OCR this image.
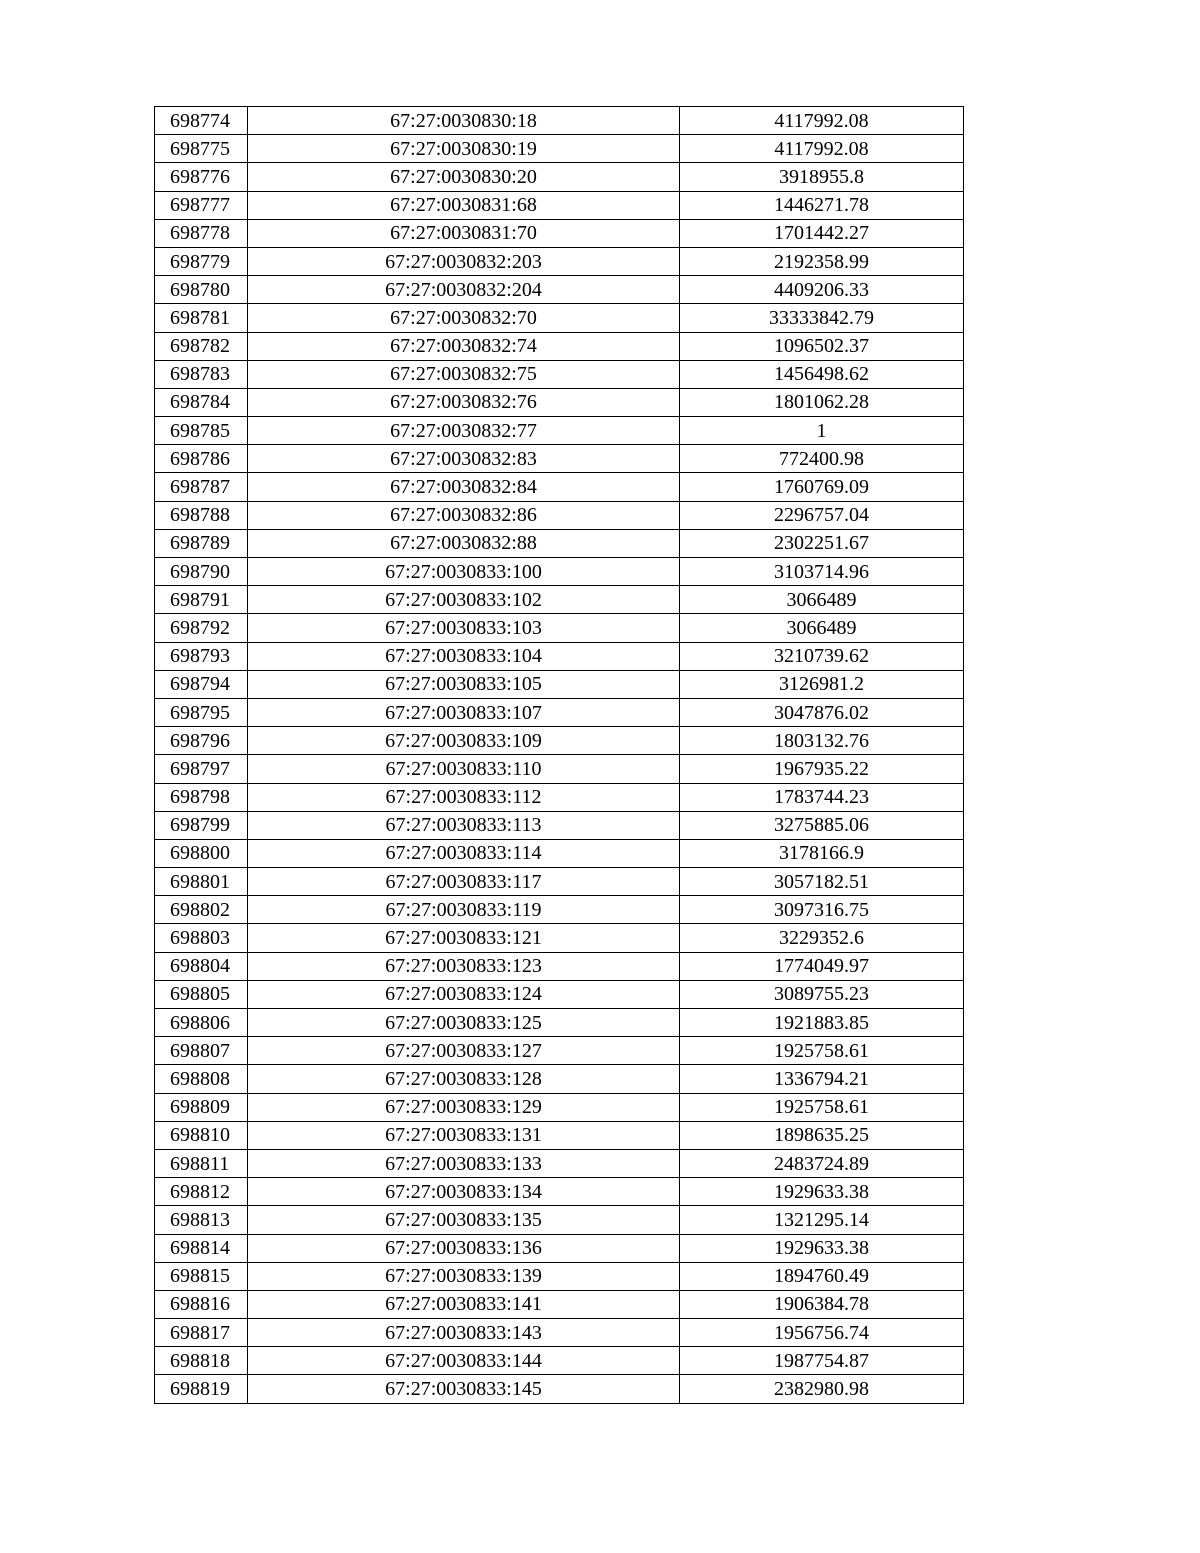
698774	67:27:0030830:18	4117992.08
698775	67:27:0030830:19	4117992.08
698776	67:27:0030830:20	3918955.8
698777	67:27:0030831:68	1446271.78
698778	67:27:0030831:70	1701442.27
698779	67:27:0030832:203	2192358.99
698780	67:27:0030832:204	4409206.33
698781	67:27:0030832:70	33333842.79
698782	67:27:0030832:74	1096502.37
698783	67:27:0030832:75	1456498.62
698784	67:27:0030832:76	1801062.28
698785	67:27:0030832:77	1
698786	67:27:0030832:83	772400.98
698787	67:27:0030832:84	1760769.09
698788	67:27:0030832:86	2296757.04
698789	67:27:0030832:88	2302251.67
698790	67:27:0030833:100	3103714.96
698791	67:27:0030833:102	3066489
698792	67:27:0030833:103	3066489
698793	67:27:0030833:104	3210739.62
698794	67:27:0030833:105	3126981.2
698795	67:27:0030833:107	3047876.02
698796	67:27:0030833:109	1803132.76
698797	67:27:0030833:110	1967935.22
698798	67:27:0030833:112	1783744.23
698799	67:27:0030833:113	3275885.06
698800	67:27:0030833:114	3178166.9
698801	67:27:0030833:117	3057182.51
698802	67:27:0030833:119	3097316.75
698803	67:27:0030833:121	3229352.6
698804	67:27:0030833:123	1774049.97
698805	67:27:0030833:124	3089755.23
698806	67:27:0030833:125	1921883.85
698807	67:27:0030833:127	1925758.61
698808	67:27:0030833:128	1336794.21
698809	67:27:0030833:129	1925758.61
698810	67:27:0030833:131	1898635.25
698811	67:27:0030833:133	2483724.89
698812	67:27:0030833:134	1929633.38
698813	67:27:0030833:135	1321295.14
698814	67:27:0030833:136	1929633.38
698815	67:27:0030833:139	1894760.49
698816	67:27:0030833:141	1906384.78
698817	67:27:0030833:143	1956756.74
698818	67:27:0030833:144	1987754.87
698819	67:27:0030833:145	2382980.98
